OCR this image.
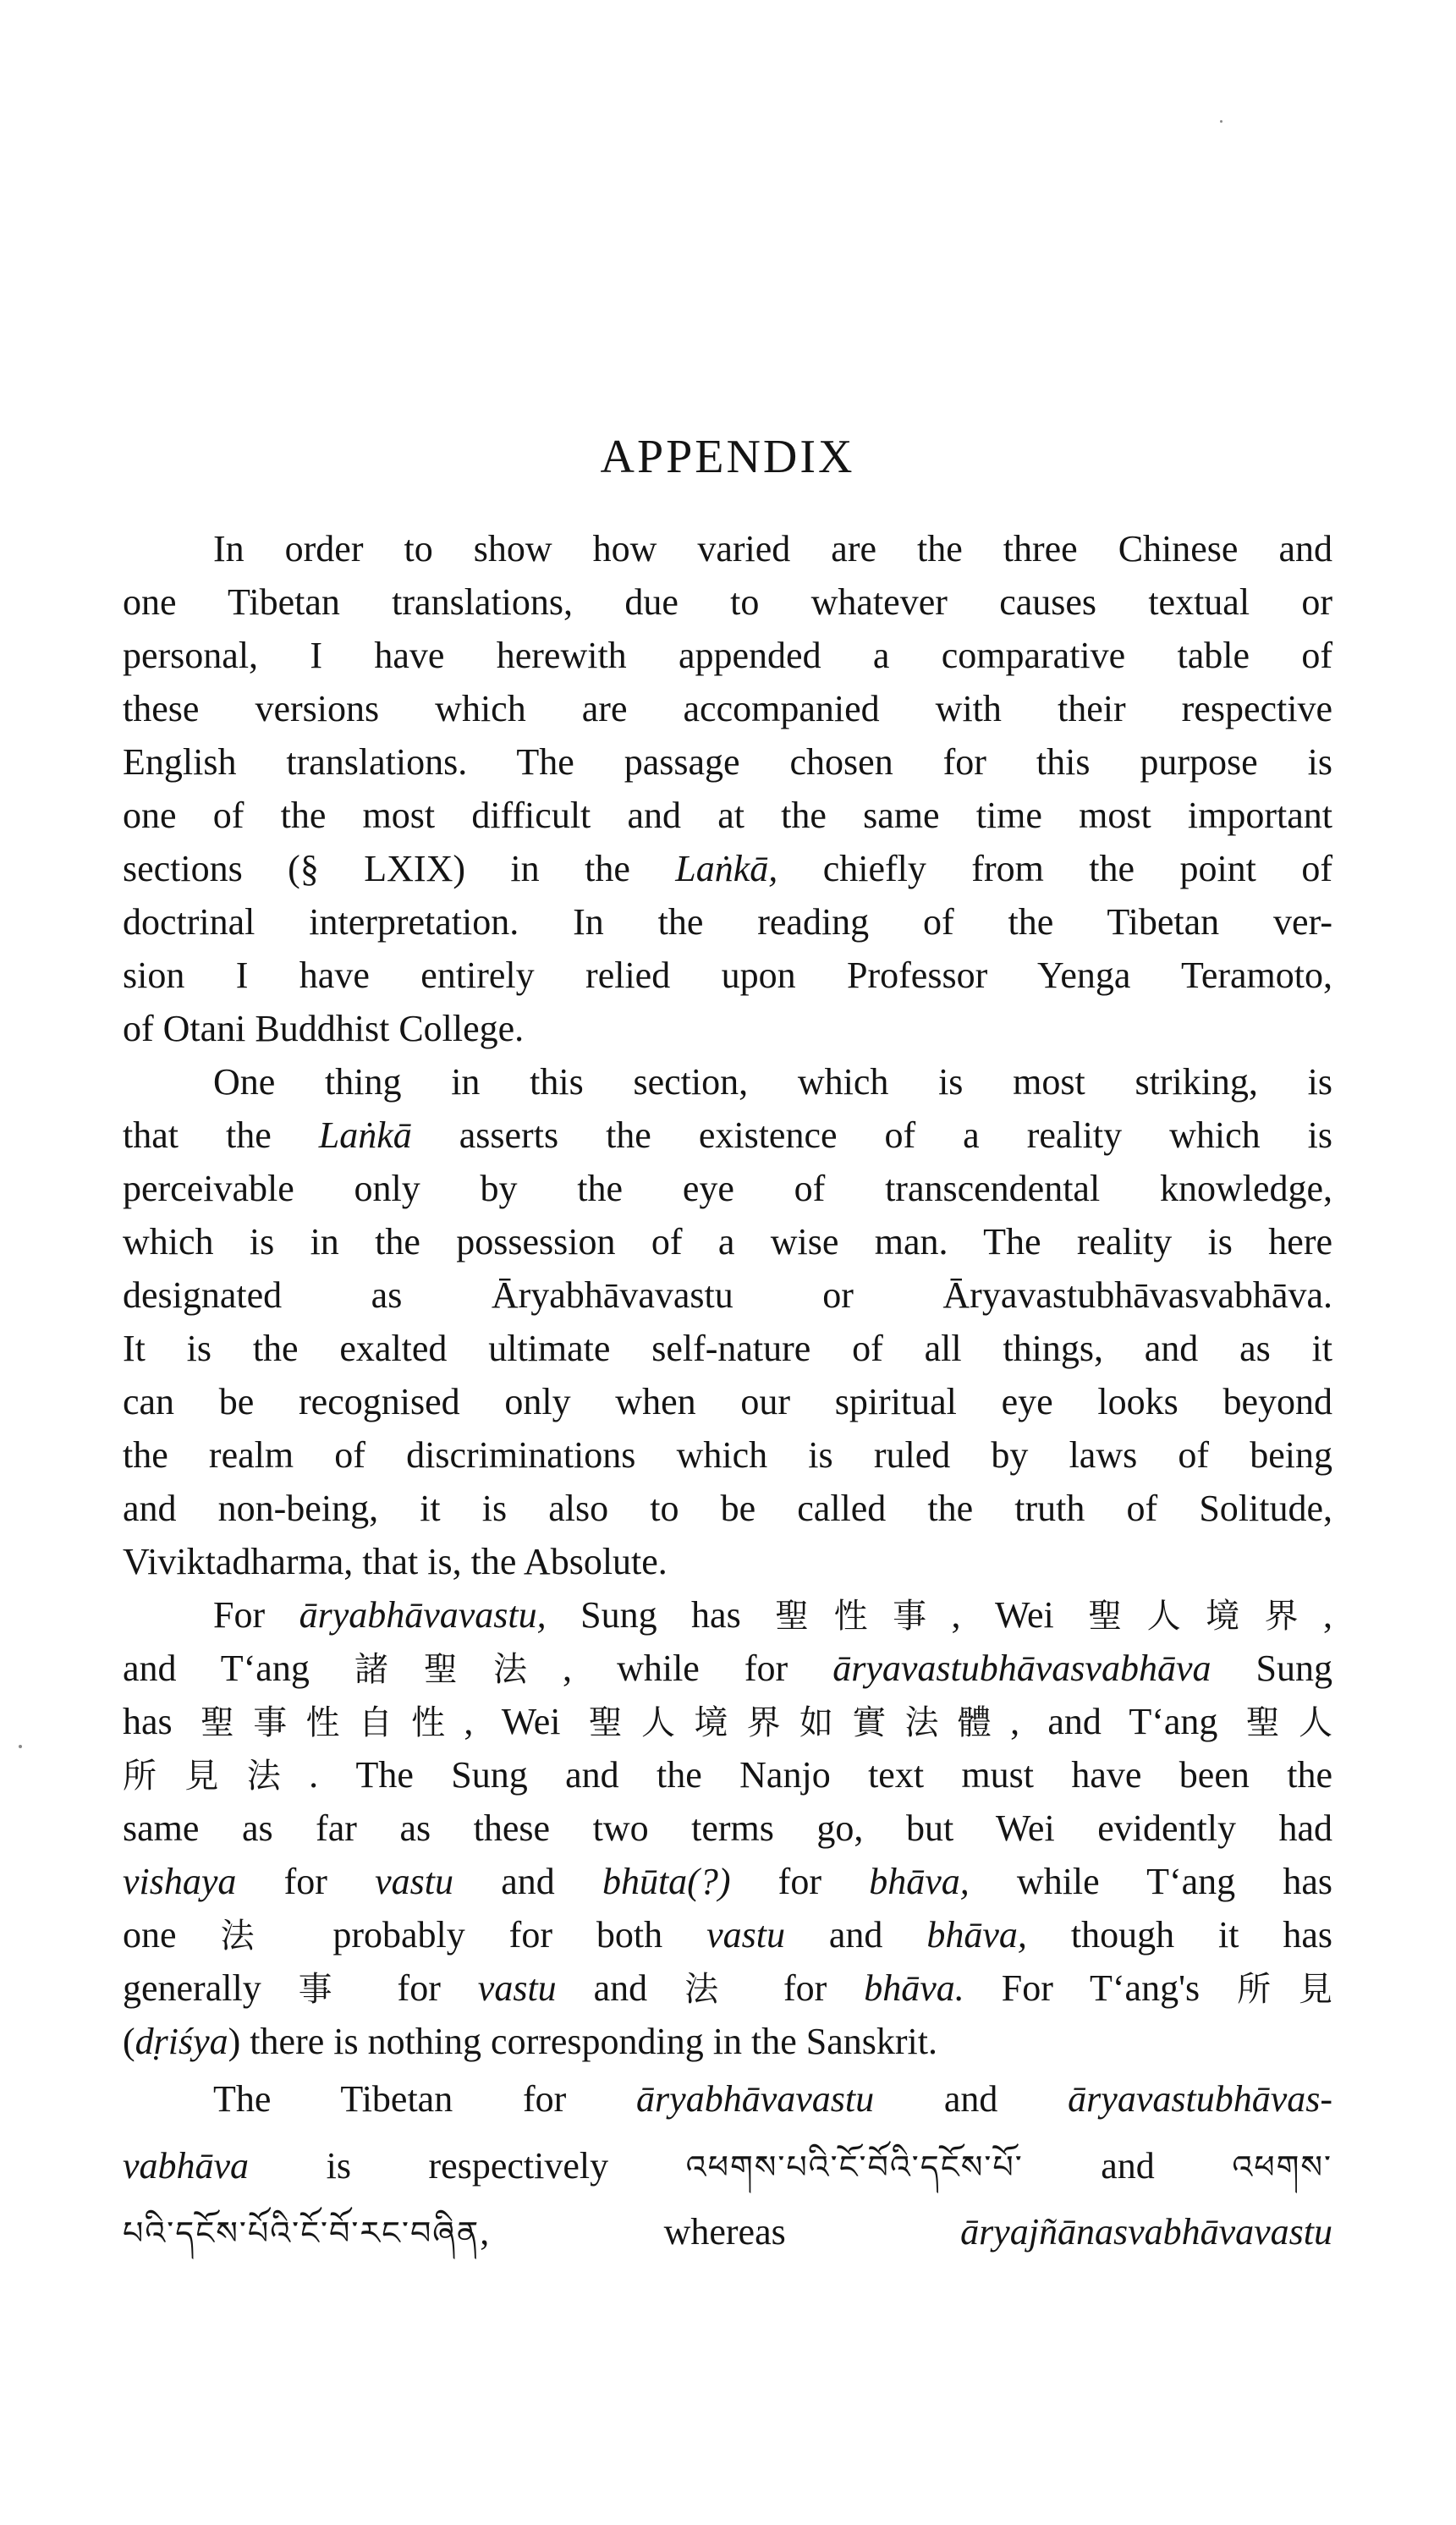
APPENDIX
In order to show how varied are the three Chinese and
one Tibetan translations, due to whatever causes textual or
personal, I have herewith appended a comparative table of
these versions which are accompanied with their respective
English translations. The passage chosen for this purpose is
one of the most difficult and at the same time most important
sections (§ LXIX) in the Laṅkā, chiefly from the point of
doctrinal interpretation. In the reading of the Tibetan ver-
sion I have entirely relied upon Professor Yenga Teramoto,
of Otani Buddhist College.
One thing in this section, which is most striking, is
that the Laṅkā asserts the existence of a reality which is
perceivable only by the eye of transcendental knowledge,
which is in the possession of a wise man. The reality is here
designated as Āryabhāvavastu or Āryavastubhāvasvabhāva.
It is the exalted ultimate self-nature of all things, and as it
can be recognised only when our spiritual eye looks beyond
the realm of discriminations which is ruled by laws of being
and non-being, it is also to be called the truth of Solitude,
Viviktadharma, that is, the Absolute.
For āryabhāvavastu, Sung has 聖性事, Wei 聖人境界,
and T‘ang 諸聖法, while for āryavastubhāvasvabhāva Sung
has 聖事性自性, Wei 聖人境界如實法體, and T‘ang 聖人
所見法. The Sung and the Nanjo text must have been the
same as far as these two terms go, but Wei evidently had
vishaya for vastu and bhūta(?) for bhāva, while T‘ang has
one 法 probably for both vastu and bhāva, though it has
generally 事 for vastu and 法 for bhāva. For T‘ang's 所見
(dṛiśya) there is nothing corresponding in the Sanskrit.
The Tibetan for āryabhāvavastu and āryavastubhāvas-
vabhāva is respectively འཕགས་པའི་ངོ་བོའི་དངོས་པོ་ and འཕགས་
པའི་དངོས་པོའི་ངོ་བོ་རང་བཞིན, whereas āryajñānasvabhāvavastu
